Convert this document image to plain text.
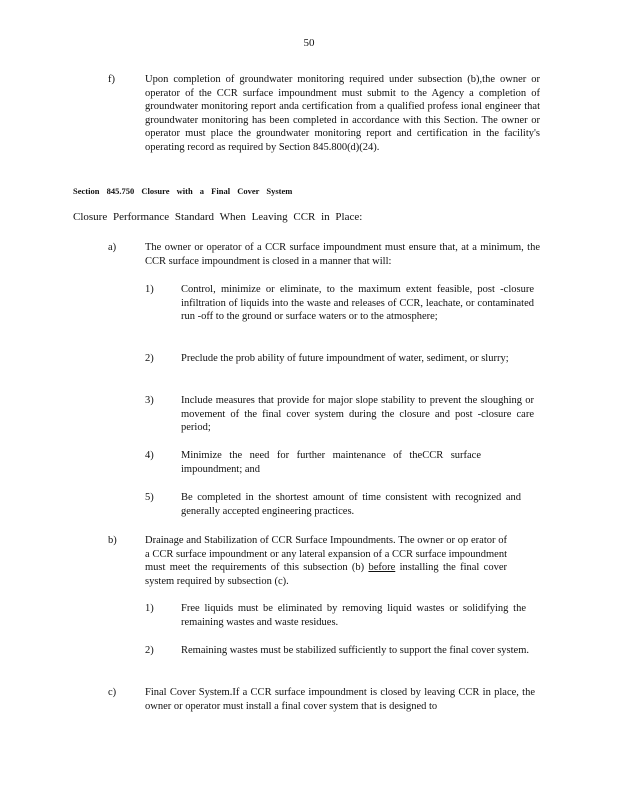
50
f)	Upon completion of groundwater monitoring required under subsection (b),the owner or operator of the CCR surface impoundment must submit to the Agency a completion of groundwater monitoring report anda certification from a qualified profess ional engineer that groundwater monitoring has been completed in accordance with this Section. The owner or operator must place the groundwater monitoring report and certification in the facility's operating record as required by Section 845.800(d)(24).
Section 845.750 Closure with a Final Cover System
Closure Performance Standard When Leaving CCR in Place:
a)	The owner or operator of a CCR surface impoundment must ensure that, at a minimum, the CCR surface impoundment is closed in a manner that will:
1)	Control, minimize or eliminate, to the maximum extent feasible, post -closure infiltration of liquids into the waste and releases of CCR, leachate, or contaminated run -off to the ground or surface waters or to the atmosphere;
2)	Preclude the prob ability of future impoundment of water, sediment, or slurry;
3)	Include measures that provide for major slope stability to prevent the sloughing or movement of the final cover system during the closure and post -closure care period;
4)	Minimize the need for further maintenance of theCCR surface impoundment; and
5)	Be completed in the shortest amount of time consistent with recognized and generally accepted engineering practices.
b)	Drainage and Stabilization of CCR Surface Impoundments. The owner or op erator of a CCR surface impoundment or any lateral expansion of a CCR surface impoundment must meet the requirements of this subsection (b) before installing the final cover system required by subsection (c).
1)	Free liquids must be eliminated by removing liquid wastes or solidifying the remaining wastes and waste residues.
2)	Remaining wastes must be stabilized sufficiently to support the final cover system.
c)	Final Cover System.If a CCR surface impoundment is closed by leaving CCR in place, the owner or operator must install a final cover system that is designed to
